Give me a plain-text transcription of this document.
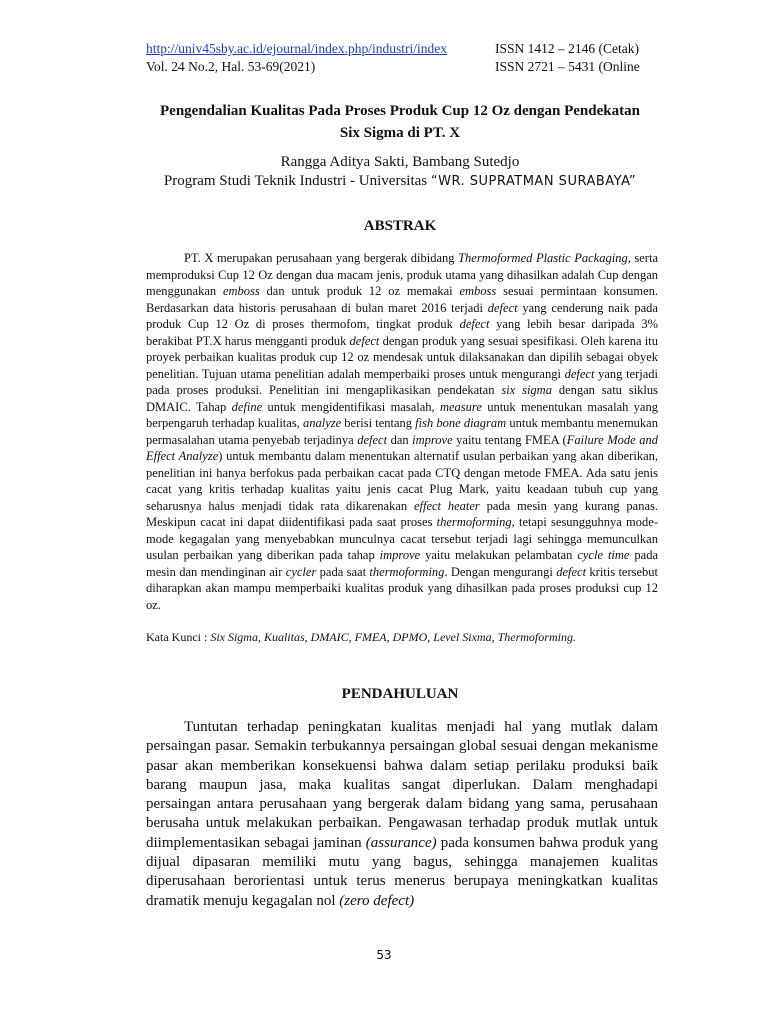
http://univ45sby.ac.id/ejournal/index.php/industri/index
Vol. 24 No.2, Hal. 53-69(2021)
ISSN 1412 – 2146 (Cetak)
ISSN 2721 – 5431 (Online
Pengendalian Kualitas Pada Proses Produk Cup 12 Oz dengan Pendekatan
Six Sigma di PT. X
Rangga Aditya Sakti, Bambang Sutedjo
Program Studi Teknik Industri - Universitas “WR. SUPRATMAN SURABAYA”
ABSTRAK

PT. X merupakan perusahaan yang bergerak dibidang Thermoformed Plastic Packaging, serta memproduksi Cup 12 Oz dengan dua macam jenis, produk utama yang dihasilkan adalah Cup dengan menggunakan emboss dan untuk produk 12 oz memakai emboss sesuai permintaan konsumen. Berdasarkan data historis perusahaan di bulan maret 2016 terjadi defect yang cenderung naik pada produk Cup 12 Oz di proses thermofom, tingkat produk defect yang lebih besar daripada 3% berakibat PT.X harus mengganti produk defect dengan produk yang sesuai spesifikasi. Oleh karena itu proyek perbaikan kualitas produk cup 12 oz mendesak untuk dilaksanakan dan dipilih sebagai obyek penelitian. Tujuan utama penelitian adalah memperbaiki proses untuk mengurangi defect yang terjadi pada proses produksi. Penelitian ini mengaplikasikan pendekatan six sigma dengan satu siklus DMAIC. Tahap define untuk mengidentifikasi masalah, measure untuk menentukan masalah yang berpengaruh terhadap kualitas, analyze berisi tentang fish bone diagram untuk membantu menemukan permasalahan utama penyebab terjadinya defect dan improve yaitu tentang FMEA (Failure Mode and Effect Analyze) untuk membantu dalam menentukan alternatif usulan perbaikan yang akan diberikan, penelitian ini hanya berfokus pada perbaikan cacat pada CTQ dengan metode FMEA. Ada satu jenis cacat yang kritis terhadap kualitas yaitu jenis cacat Plug Mark, yaitu keadaan tubuh cup yang seharusnya halus menjadi tidak rata dikarenakan effect heater pada mesin yang kurang panas. Meskipun cacat ini dapat diidentifikasi pada saat proses thermoforming, tetapi sesungguhnya mode-mode kegagalan yang menyebabkan munculnya cacat tersebut terjadi lagi sehingga memunculkan usulan perbaikan yang diberikan pada tahap improve yaitu melakukan pelambatan cycle time pada mesin dan mendinginan air cycler pada saat thermoforming. Dengan mengurangi defect kritis tersebut diharapkan akan mampu memperbaiki kualitas produk yang dihasilkan pada proses produksi cup 12 oz.

Kata Kunci : Six Sigma, Kualitas, DMAIC, FMEA, DPMO, Level Sixma, Thermoforming.
PENDAHULUAN

Tuntutan terhadap peningkatan kualitas menjadi hal yang mutlak dalam persaingan pasar. Semakin terbukannya persaingan global sesuai dengan mekanisme pasar akan memberikan konsekuensi bahwa dalam setiap perilaku produksi baik barang maupun jasa, maka kualitas sangat diperlukan. Dalam menghadapi persaingan antara perusahaan yang bergerak dalam bidang yang sama, perusahaan berusaha untuk melakukan perbaikan. Pengawasan terhadap produk mutlak untuk diimplementasikan sebagai jaminan (assurance) pada konsumen bahwa produk yang dijual dipasaran memiliki mutu yang bagus, sehingga manajemen kualitas diperusahaan berorientasi untuk terus menerus berupaya meningkatkan kualitas dramatik menuju kegagalan nol (zero defect)

53
